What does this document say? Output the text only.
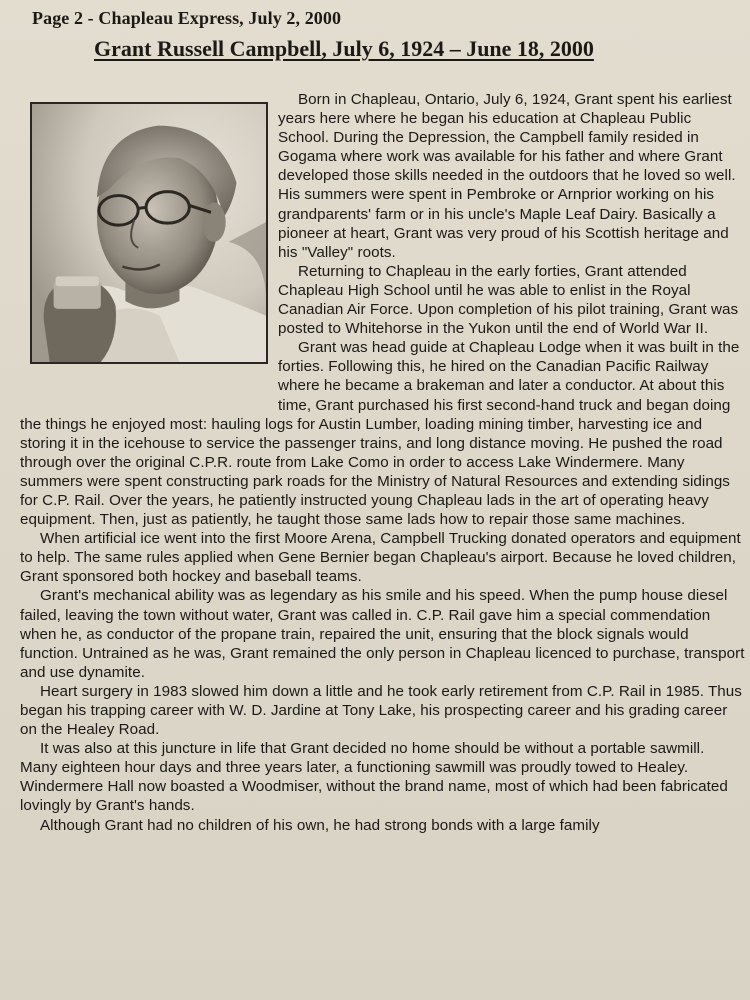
Page 2 - Chapleau Express, July 2, 2000
Grant Russell Campbell, July 6, 1924 – June 18, 2000

Born in Chapleau, Ontario, July 6, 1924, Grant spent his earliest years here where he began his education at Chapleau Public School. During the Depression, the Campbell family resided in Gogama where work was available for his father and where Grant developed those skills needed in the outdoors that he loved so well. His summers were spent in Pembroke or Arnprior working on his grandparents' farm or in his uncle's Maple Leaf Dairy. Basically a pioneer at heart, Grant was very proud of his Scottish heritage and his "Valley" roots.

Returning to Chapleau in the early forties, Grant attended Chapleau High School until he was able to enlist in the Royal Canadian Air Force. Upon completion of his pilot training, Grant was posted to Whitehorse in the Yukon until the end of World War II.

Grant was head guide at Chapleau Lodge when it was built in the forties. Following this, he hired on the Canadian Pacific Railway where he became a brakeman and later a conductor. At about this time, Grant purchased his first second-hand truck and began doing the things he enjoyed most: hauling logs for Austin Lumber, loading mining timber, harvesting ice and storing it in the icehouse to service the passenger trains, and long distance moving. He pushed the road through over the original C.P.R. route from Lake Como in order to access Lake Windermere. Many summers were spent constructing park roads for the Ministry of Natural Resources and extending sidings for C.P. Rail. Over the years, he patiently instructed young Chapleau lads in the art of operating heavy equipment. Then, just as patiently, he taught those same lads how to repair those same machines.

When artificial ice went into the first Moore Arena, Campbell Trucking donated operators and equipment to help. The same rules applied when Gene Bernier began Chapleau's airport. Because he loved children, Grant sponsored both hockey and baseball teams.

Grant's mechanical ability was as legendary as his smile and his speed. When the pump house diesel failed, leaving the town without water, Grant was called in. C.P. Rail gave him a special commendation when he, as conductor of the propane train, repaired the unit, ensuring that the block signals would function. Untrained as he was, Grant remained the only person in Chapleau licenced to purchase, transport and use dynamite.

Heart surgery in 1983 slowed him down a little and he took early retirement from C.P. Rail in 1985. Thus began his trapping career with W. D. Jardine at Tony Lake, his prospecting career and his grading career on the Healey Road.

It was also at this juncture in life that Grant decided no home should be without a portable sawmill. Many eighteen hour days and three years later, a functioning sawmill was proudly towed to Healey. Windermere Hall now boasted a Woodmiser, without the brand name, most of which had been fabricated lovingly by Grant's hands.

Although Grant had no children of his own, he had strong bonds with a large family
